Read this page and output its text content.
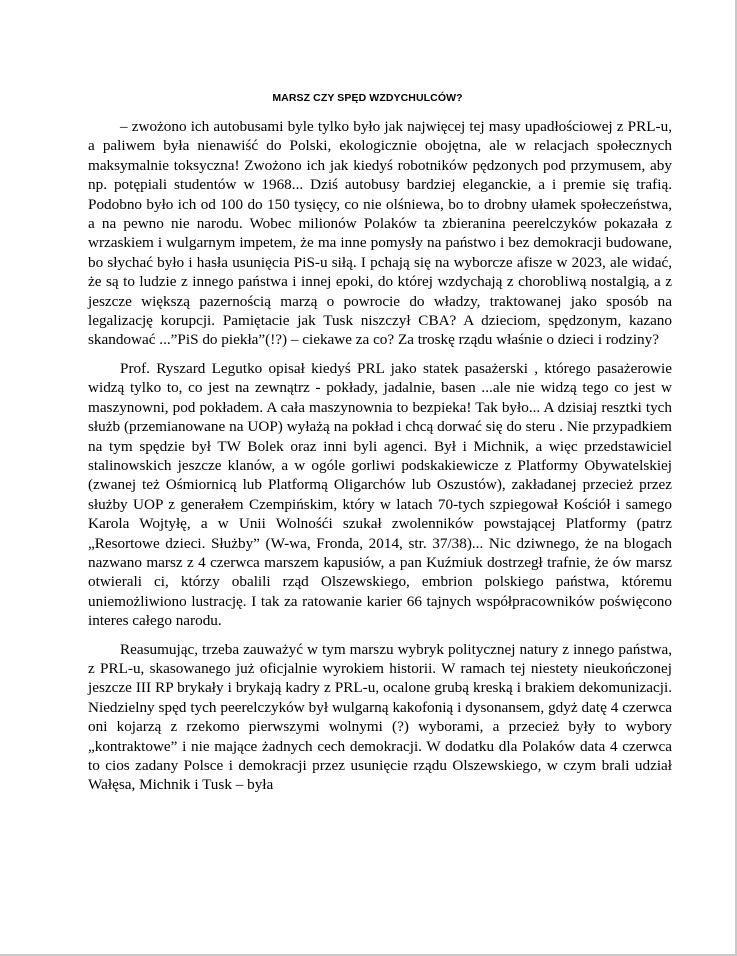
MARSZ CZY SPĘD WZDYCHULCÓW?

– zwożono ich autobusami byle tylko było jak najwięcej tej masy upadłościowej z PRL-u, a paliwem była nienawiść do Polski, ekologicznie obojętna, ale w relacjach społecznych maksymalnie toksyczna! Zwożono ich jak kiedyś robotników pędzonych pod przymusem, aby np. potępiali studentów w 1968... Dziś autobusy bardziej eleganckie, a i premie się trafią. Podobno było ich od 100 do 150 tysięcy, co nie olśniewa, bo to drobny ułamek społeczeństwa, a na pewno nie narodu. Wobec milionów Polaków ta zbieranina peerelczyków pokazała z wrzaskiem i wulgarnym impetem, że ma inne pomysły na państwo i bez demokracji budowane, bo słychać było i hasła usunięcia PiS-u siłą. I pchają się na wyborcze afisze w 2023, ale widać, że są to ludzie z innego państwa i innej epoki, do której wzdychają z chorobliwą nostalgią, a z jeszcze większą pazernością marzą o powrocie do władzy, traktowanej jako sposób na legalizację korupcji. Pamiętacie jak Tusk niszczył CBA? A dzieciom, spędzonym, kazano skandować ...”PiS do piekła”(!?) – ciekawe za co? Za troskę rządu właśnie o dzieci i rodziny?

Prof. Ryszard Legutko opisał kiedyś PRL jako statek pasażerski , którego pasażerowie widzą tylko to, co jest na zewnątrz - pokłady, jadalnie, basen ...ale nie widzą tego co jest w maszynowni, pod pokładem. A cała maszynownia to bezpieka! Tak było... A dzisiaj resztki tych służb (przemianowane na UOP) wyłażą na pokład i chcą dorwać się do steru . Nie przypadkiem na tym spędzie był TW Bolek oraz inni byli agenci. Był i Michnik, a więc przedstawiciel stalinowskich jeszcze klanów, a w ogóle gorliwi podskakiewicze z Platformy Obywatelskiej (zwanej też Ośmiornicą lub Platformą Oligarchów lub Oszustów), zakładanej przecież przez służby UOP z generałem Czempińskim, który w latach 70-tych szpiegował Kościół i samego Karola Wojtyłę, a w Unii Wolnośći szukał zwolenników powstającej Platformy (patrz „Resortowe dzieci. Służby” (W-wa, Fronda, 2014, str. 37/38)... Nic dziwnego, że na blogach nazwano marsz z 4 czerwca marszem kapusiów, a pan Kuźmiuk dostrzegł trafnie, że ów marsz otwierali ci, którzy obalili rząd Olszewskiego, embrion polskiego państwa, któremu uniemożliwiono lustrację. I tak za ratowanie karier 66 tajnych współpracowników poświęcono interes całego narodu.

Reasumując, trzeba zauważyć w tym marszu wybryk politycznej natury z innego państwa, z PRL-u, skasowanego już oficjalnie wyrokiem historii. W ramach tej niestety nieukończonej jeszcze III RP brykały i brykają kadry z PRL-u, ocalone grubą kreską i brakiem dekomunizacji. Niedzielny spęd tych peerelczyków był wulgarną kakofonią i dysonansem, gdyż datę 4 czerwca oni kojarzą z rzekomo pierwszymi wolnymi (?) wyborami, a przecież były to wybory „kontraktowe” i nie mające żadnych cech demokracji. W dodatku dla Polaków data 4 czerwca to cios zadany Polsce i demokracji przez usunięcie rządu Olszewskiego, w czym brali udział Wałęsa, Michnik i Tusk – była
